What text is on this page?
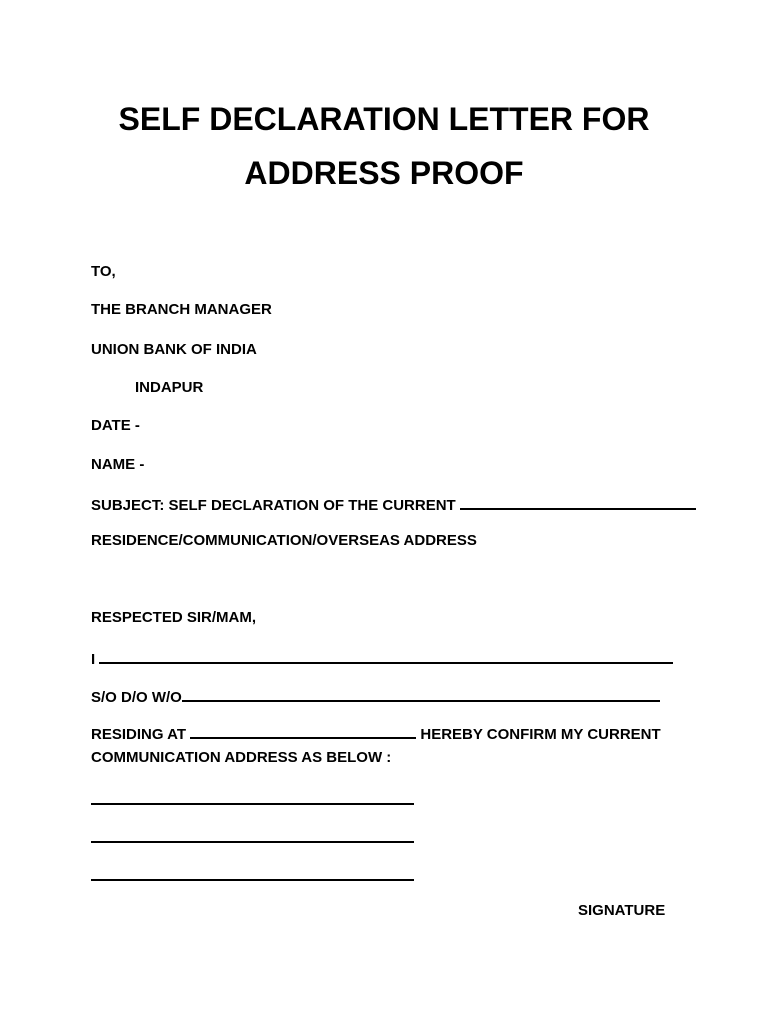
SELF DECLARATION LETTER FOR
ADDRESS PROOF
TO,
THE BRANCH MANAGER
UNION BANK OF INDIA
INDAPUR
DATE -
NAME -
SUBJECT: SELF DECLARATION OF THE CURRENT
RESIDENCE/COMMUNICATION/OVERSEAS ADDRESS
RESPECTED SIR/MAM,
I
S/O D/O W/O
RESIDING AT	HEREBY CONFIRM MY CURRENT
COMMUNICATION ADDRESS AS BELOW :
SIGNATURE
